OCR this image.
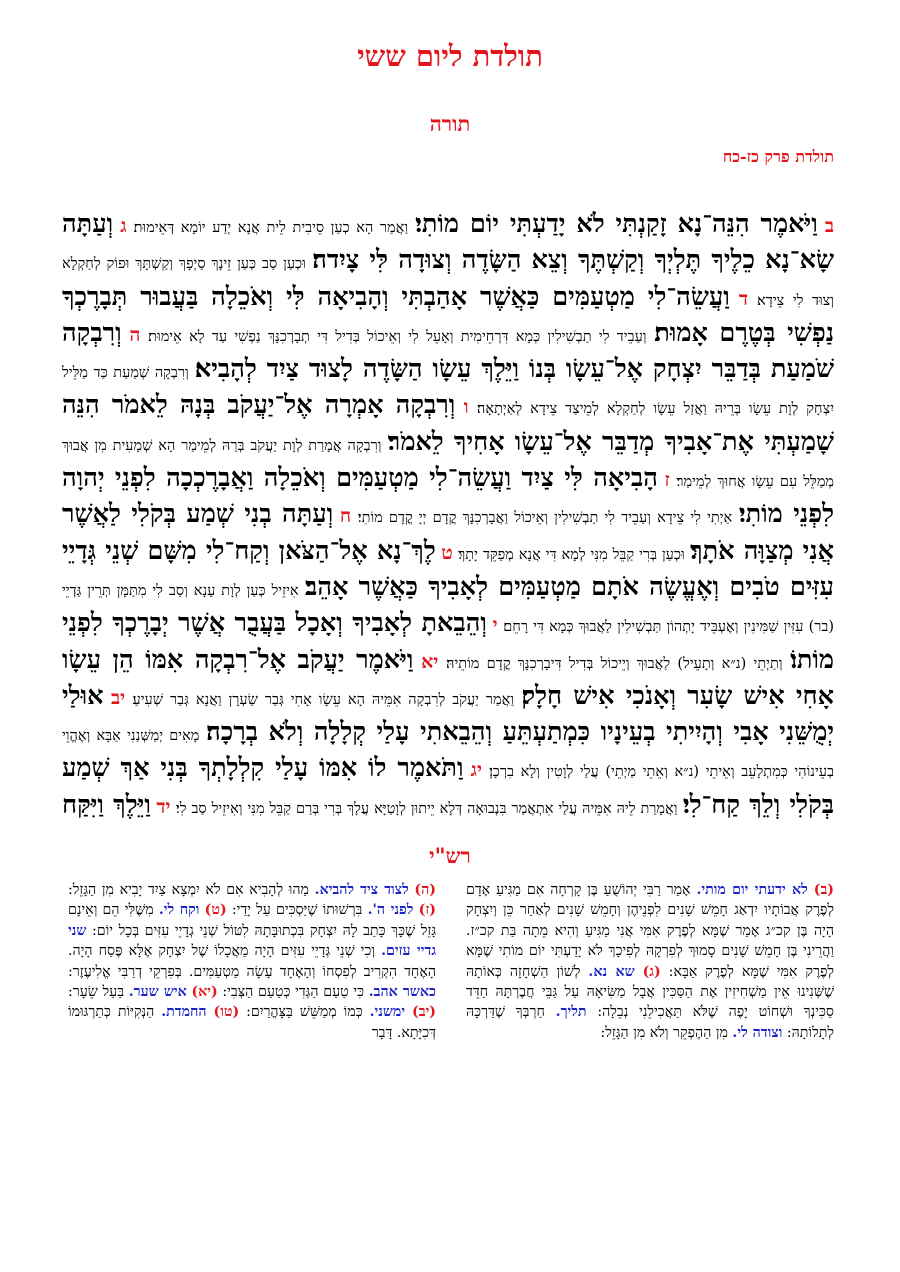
תולדת ליום ששי
תורה
תולדת פרק כז-כח
ב וַיֹּאמֶר הִנֵּה־נָא זָקַנְתִּי לֹא יָדַעְתִּי יוֹם מוֹתִי׃ וַאֲמַר הָא כְעַן סֵיבִית לֵית אֲנָא יְדַע יוֹמָא דְּאֵימוּת׃ ג וְעַתָּה שָׂא־נָא כֵלֶיךָ תֶּלְיְךָ וְקַשְׁתֶּךָ וְצֵא הַשָּׂדֶה וְצוּדָה לִּי צָיִדה׃ וּכְעַן סַב כְּעַן זֵינָךְ סַיְפָךְ וְקַשְׁתָּךְ וּפוֹק לְחַקְלָא וְצוּד לִי צֵידָא׃ ד וַעֲשֵׂה־לִי מַטְעַמִּים כַּאֲשֶׁר אָהַבְתִּי וְהָבִיאָה לִּי וְאֹכֵלָה בַּעֲבוּר תְּבָרֶכְךָ נַפְשִׁי בְּטֶרֶם אָמוּת׃ וְעַבֵיד לִי תַבְשִׁילִין כְּמָא דִּרְחֵימִית וְאָעֵל לִי וְאֵיכוֹל בְּדִיל דִּי תְבָרְכִנָּךְ נַפְשִׁי עַד לָא אֵימוּת׃ ה וְרִבְקָה שֹׁמַעַת בְּדַבֵּר יִצְחָק אֶל־עֵשָׂו בְּנוֹ וַיֵּלֶךְ עֵשָׂו הַשָּׂדֶה לָצוּד צַיִד לְהָבִיא׃ וְרִבְקָה שְׁמַעַת כַּד מַלֵּיל יִצְחָק לְוָת עֵשָׂו בְּרֵיהּ וַאֲזַל עֵשָׂו לְחַקְלָא לְמֵיצַד צֵידָא לְאַיְתָאָה׃ ו וְרִבְקָה אָמְרָה אֶל־יַעֲקֹב בְּנָהּ לֵאמֹר הִנֵּה שָׁמַעְתִּי אֶת־אָבִיךָ מְדַבֵּר אֶל־עֵשָׂו אָחִיךָ לֵאמֹר׃ וְרִבְקָה אֲמָרַת לְוָת יַעֲקֹב בְּרַהּ לְמֵימַר הָא שְׁמָעִית מִן אֲבוּךְ מְמַלֵּל עִם עֵשָׂו אֲחוּךְ לְמֵימַר׃ ז הָבִיאָה לִּי צַיִד וַעֲשֵׂה־לִי מַטְעַמִּים וְאֹכֵלָה וַאֲבָרֶכְכָה לִפְנֵי יְהוָה לִפְנֵי מוֹתִי׃ אַיְתִי לִי צֵידָא וְעַבֵיד לִי תַבְשִׁילִין וְאֵיכוֹל וַאֲבָרְכִנָּךְ קֳדָם יְיָ קֳדָם מוֹתִי׃ ח וְעַתָּה בְנִי שְׁמַע בְּקֹלִי לַאֲשֶׁר אֲנִי מְצַוָּה אֹתָךְ׃ וּכְעַן בְּרִי קַבֵּל מִנִּי לְמָא דִּי אֲנָא מְפַקֵּד יָתָךְ׃ ט לֶךְ־נָא אֶל־הַצֹּאן וְקַח־לִי מִשָּׁם שְׁנֵי גְּדָיֵי עִזִּים טֹבִים וְאֶעֱשֶׂה אֹתָם מַטְעַמִּים לְאָבִיךָ כַּאֲשֶׁר אָהֵב׃ אִיזֵיל כְּעַן לְוָת עָנָא וְסַב לִי מִתַּמָּן תְּרֵין גַּדְיֵי (בר) עִזִּין שַׁמִּינִין וְאֶעְבֵּיד יָתְהוֹן תַּבְשִׁילִין לַאֲבוּךְ כְּמָא דִּי רָחֵם׃ י וְהֵבֵאתָ לְאָבִיךָ וְאָכָל בַּעֲבֻר אֲשֶׁר יְבָרֶכְךָ לִפְנֵי מוֹתוֹ׃ וְתַיְתֵי (נ״א וְתָעֵיל) לַאֲבוּךְ וְיֵיכוֹל בְּדִיל דִּיבָרְכִנָּךְ קֳדָם מוֹתֵיהּ׃ יא וַיֹּאמֶר יַעֲקֹב אֶל־רִבְקָה אִמּוֹ הֵן עֵשָׂו אָחִי אִישׁ שָׂעִר וְאָנֹכִי אִישׁ חָלָק׃ וַאֲמַר יַעֲקֹב לְרִבְקָה אִמֵּיהּ הָא עֵשָׂו אָחִי גְּבַר שַׂעְרָן וַאֲנָא גְּבַר שְׁעִיעַ׃ יב אוּלַי יְמֻשֵּׁנִי אָבִי וְהָיִיתִי בְעֵינָיו כִּמְתַעְתֵּעַ וְהֵבֵאתִי עָלַי קְלָלָה וְלֹא בְרָכָה׃ מָאִים יְמַשְּׁנַנִי אַבָּא וְאֶהֱוֵי בְעֵינוֹהִי כְּמִתְלָעֵב וְאֵיתֵי (נ״א וְאֵתֵי מַיְתֵי) עֲלַי לְוָטִין וְלָא בִרְכָן׃ יג וַתֹּאמֶר לוֹ אִמּוֹ עָלַי קִלְלָתְךָ בְּנִי אַךְ שְׁמַע בְּקֹלִי וְלֵךְ קַח־לִי׃ וַאֲמָרַת לֵיהּ אִמֵּיהּ עֲלַי אִתְאֲמַר בִּנְבוּאָה דְּלָא יֵיתוּן לְוָטַיָּא עֲלָךְ בְּרִי בְּרַם קַבֵּל מִנִּי וְאִיזֵיל סַב לִי׃ יד וַיֵּלֶךְ וַיִּקַּח
רש"י
(ב) לא ידעתי יום מותי. אָמַר רַבִּי יְהוֹשֻׁעַ בֶּן קָרְחָה אִם מַגִּיעַ אָדָם לְפֶרֶק אֲבוֹתָיו יִדְאַג חָמֵשׁ שָׁנִים לִפְנֵיהֶן וְחָמֵשׁ שָׁנִים לְאַחַר כֵּן וְיִצְחָק הָיָה בֶּן קכ״ג אָמַר שֶׁמָּא לְפֶרֶק אִמִּי אֲנִי מַגִּיעַ וְהִיא מֵתָה בַּת קכ״ז. וַהֲרֵינִי בֶּן חָמֵשׁ שָׁנִים סָמוּךְ לְפִרְקָהּ לְפִיכָךְ לֹא יָדַעְתִּי יוֹם מוֹתִי שֶׁמָּא לְפֶרֶק אִמִּי שֶׁמָּא לְפֶרֶק אַבָּא: (ג) שא נא. לְשׁוֹן הַשְׁחָזָה כְּאוֹתָהּ שֶׁשְּׁנִינוּ אֵין מַשְׁחִיזִין אֶת הַסַּכִּין אֲבָל מַשִּׂיאָהּ עַל גַּבֵּי חֲבֶרְתָּהּ חַדֵּד סַכִּינְךָ וּשְׁחוֹט יָפֶה שֶׁלֹּא תַּאֲכִילֵנִי נְבֵלָה: תליך. חַרְבְּךָ שֶׁדַּרְכָּהּ לְתָלוֹתָהּ: וצודה לי. מִן הַהֶפְקֵר וְלֹא מִן הַגָּזֵל:
(ה) לצוד ציד להביא. מַהוּ לְהָבִיא אִם לֹא יִמְצָא צַיִד יָבִיא מִן הַגָּזֵל: (ז) לפני ה'. בִּרְשׁוּתוֹ שֶׁיַּסְכִּים עַל יָדַי: (ט) וקח לי. מִשֶּׁלִּי הֵם וְאֵינָם גָּזֵל שֶׁכָּךְ כָּתַב לָהּ יִצְחָק בִּכְתוּבָּתָהּ לִטּוֹל שְׁנֵי גְדָיֵי עִזִּים בְּכָל יוֹם: שני גדיי עזים. וְכִי שְׁנֵי גְּדָיֵי עִזִּים הָיָה מַאֲכָלוֹ שֶׁל יִצְחָק אֶלָּא פֶּסַח הָיָה. הָאֶחָד הִקְרִיב לְפִסְחוֹ וְהָאֶחָד עָשָׂה מַטְעַמִּים. בְּפִרְקֵי דְרַבִּי אֱלִיעֶזֶר: כאשר אהב. כִּי טַעַם הַגְּדִי כְּטַעַם הַצְּבִי: (יא) איש שער. בַּעַל שֵׂעָר: (יב) ימשני. כְּמוֹ מְמַשֵּׁשׁ בַּצָּהֳרַיִם: (טו) החמדת. הַנְּקִיּוֹת כְּתַרְגּוּמוֹ דְּכִיָּתָא. דָּבָר
